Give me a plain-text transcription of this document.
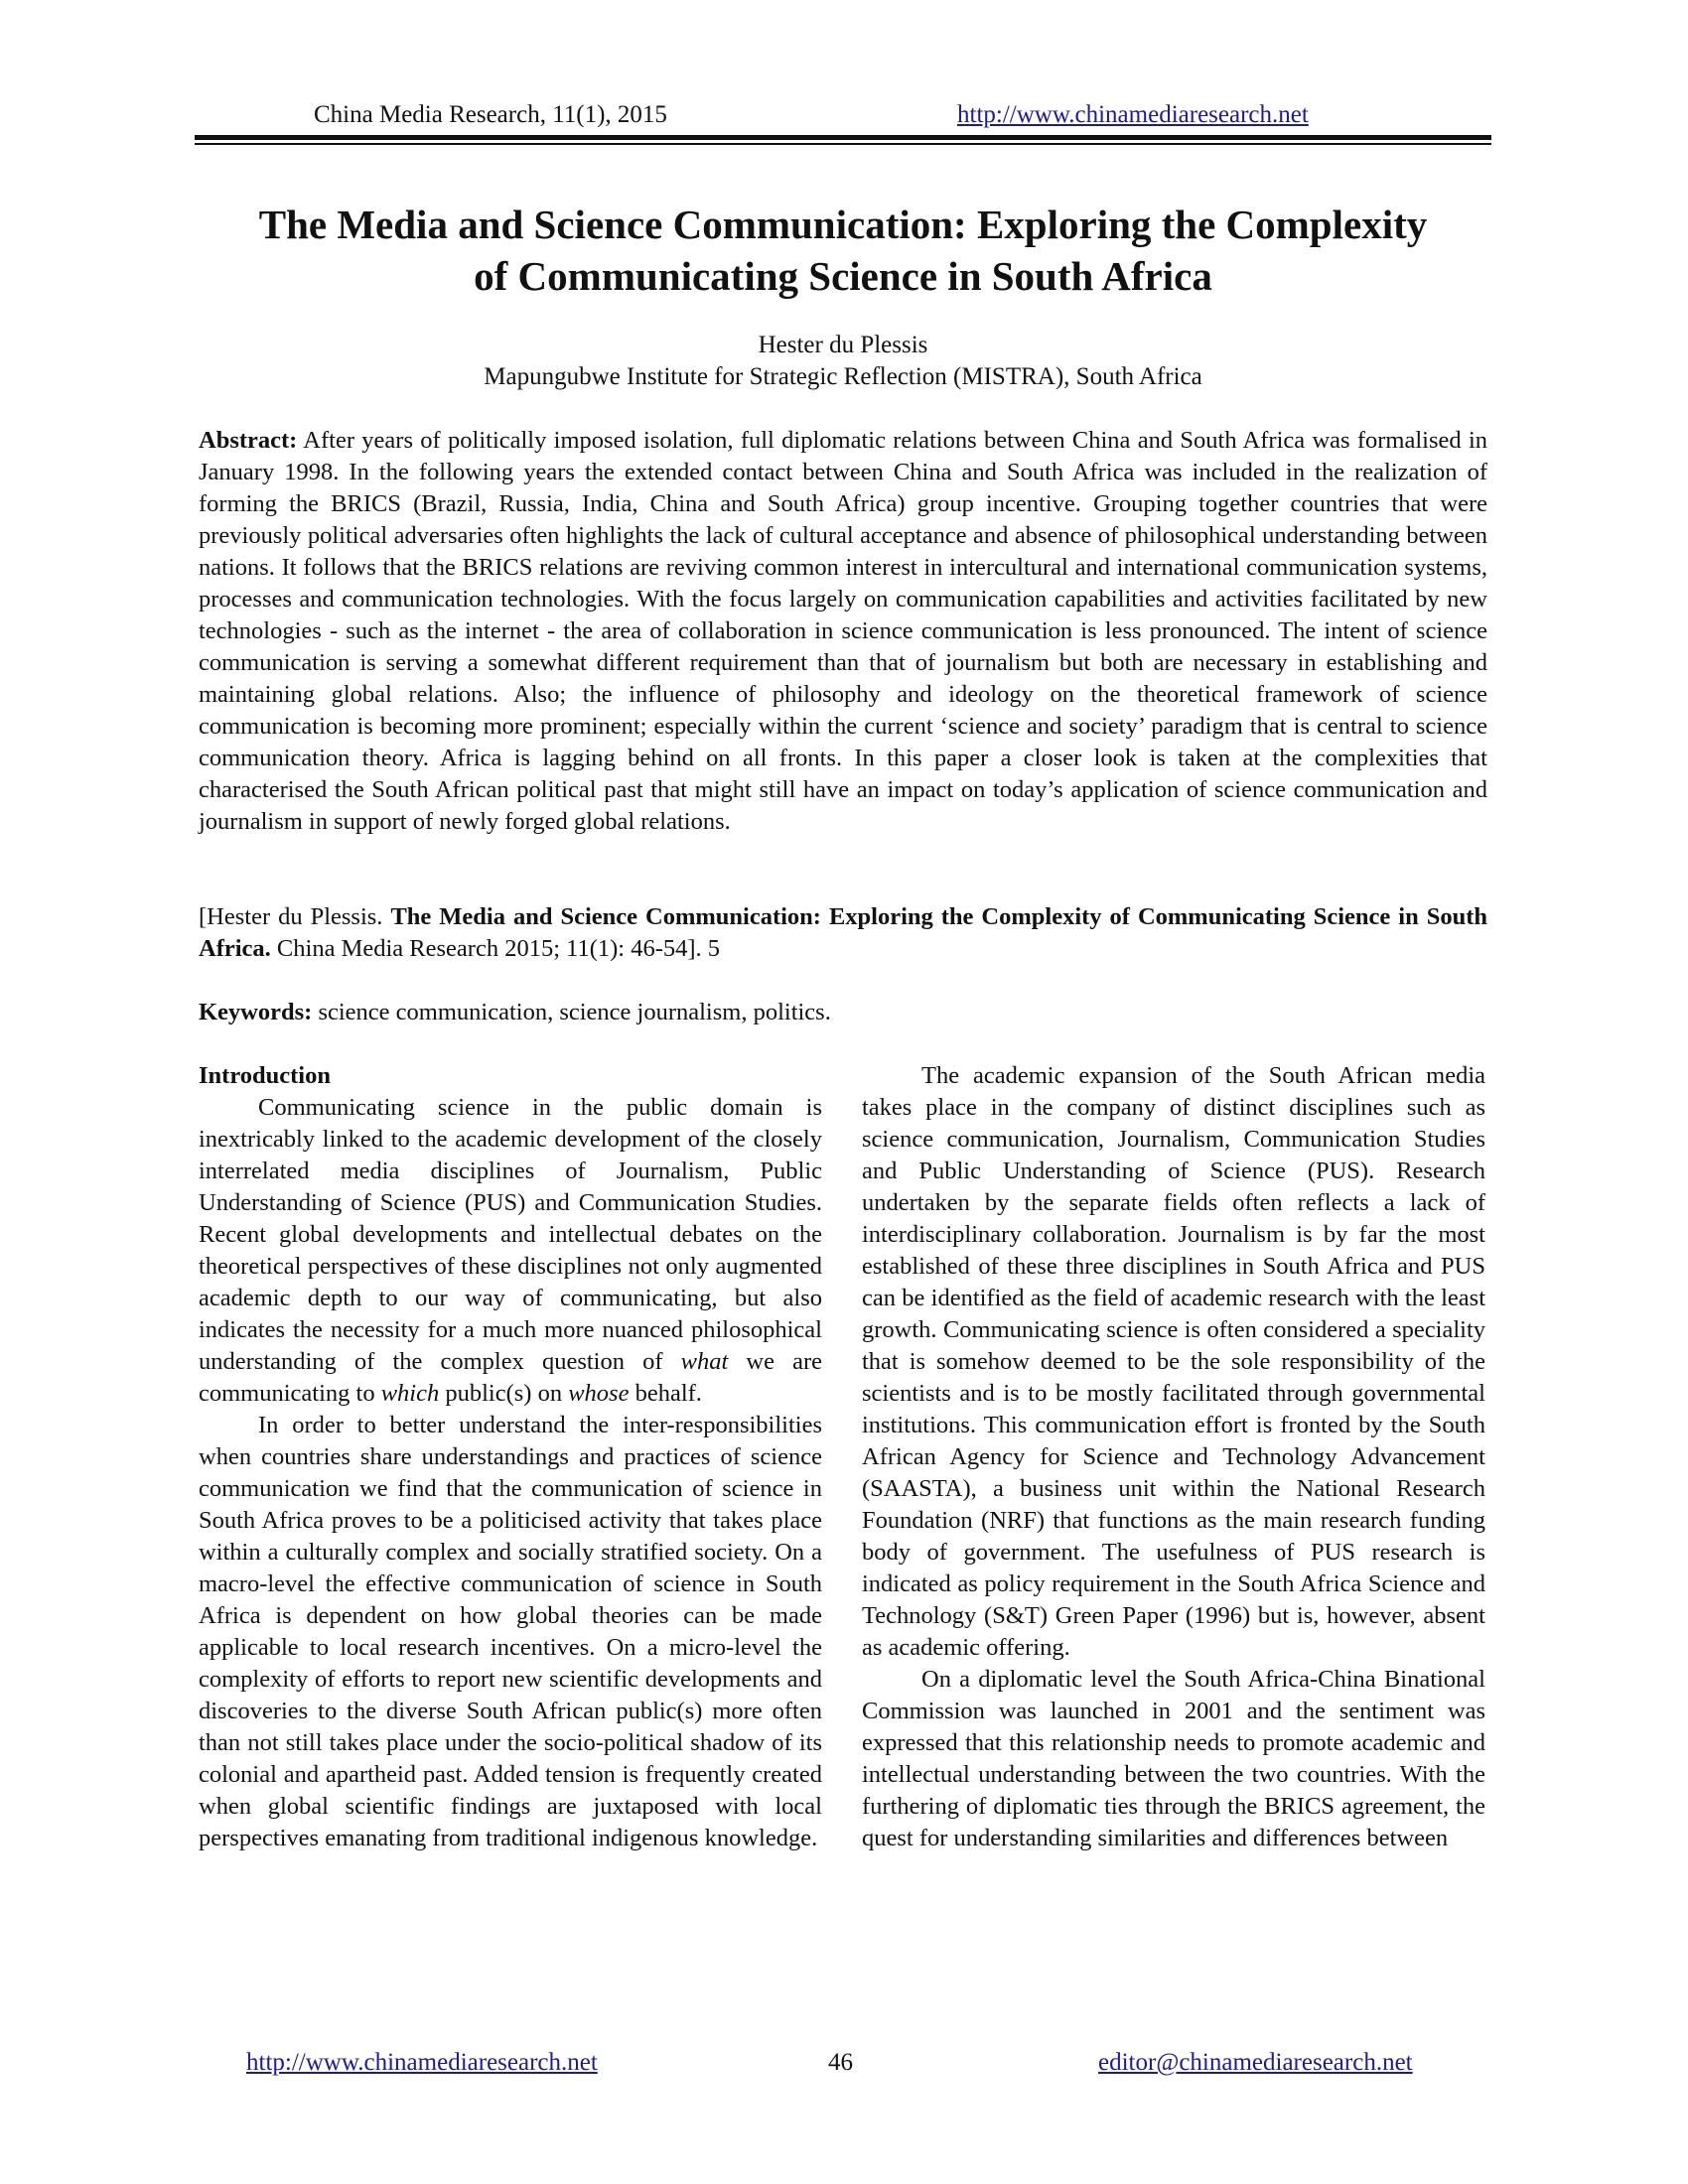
China Media Research, 11(1), 2015	http://www.chinamediaresearch.net
The Media and Science Communication: Exploring the Complexity
of Communicating Science in South Africa
Hester du Plessis
Mapungubwe Institute for Strategic Reflection (MISTRA), South Africa

Abstract: After years of politically imposed isolation, full diplomatic relations between China and South Africa was formalised in January 1998. In the following years the extended contact between China and South Africa was included in the realization of forming the BRICS (Brazil, Russia, India, China and South Africa) group incentive. Grouping together countries that were previously political adversaries often highlights the lack of cultural acceptance and absence of philosophical understanding between nations. It follows that the BRICS relations are reviving common interest in intercultural and international communication systems, processes and communication technologies. With the focus largely on communication capabilities and activities facilitated by new technologies - such as the internet - the area of collaboration in science communication is less pronounced. The intent of science communication is serving a somewhat different requirement than that of journalism but both are necessary in establishing and maintaining global relations. Also; the influence of philosophy and ideology on the theoretical framework of science communication is becoming more prominent; especially within the current ‘science and society’ paradigm that is central to science communication theory. Africa is lagging behind on all fronts. In this paper a closer look is taken at the complexities that characterised the South African political past that might still have an impact on today’s application of science communication and journalism in support of newly forged global relations.

[Hester du Plessis. The Media and Science Communication: Exploring the Complexity of Communicating Science in South Africa. China Media Research 2015; 11(1): 46-54]. 5

Keywords: science communication, science journalism, politics.

Introduction

Communicating science in the public domain is inextricably linked to the academic development of the closely interrelated media disciplines of Journalism, Public Understanding of Science (PUS) and Communication Studies. Recent global developments and intellectual debates on the theoretical perspectives of these disciplines not only augmented academic depth to our way of communicating, but also indicates the necessity for a much more nuanced philosophical understanding of the complex question of what we are communicating to which public(s) on whose behalf.

In order to better understand the inter-responsibilities when countries share understandings and practices of science communication we find that the communication of science in South Africa proves to be a politicised activity that takes place within a culturally complex and socially stratified society. On a macro-level the effective communication of science in South Africa is dependent on how global theories can be made applicable to local research incentives. On a micro-level the complexity of efforts to report new scientific developments and discoveries to the diverse South African public(s) more often than not still takes place under the socio-political shadow of its colonial and apartheid past. Added tension is frequently created when global scientific findings are juxtaposed with local perspectives emanating from traditional indigenous knowledge.

The academic expansion of the South African media takes place in the company of distinct disciplines such as science communication, Journalism, Communication Studies and Public Understanding of Science (PUS). Research undertaken by the separate fields often reflects a lack of interdisciplinary collaboration. Journalism is by far the most established of these three disciplines in South Africa and PUS can be identified as the field of academic research with the least growth. Communicating science is often considered a speciality that is somehow deemed to be the sole responsibility of the scientists and is to be mostly facilitated through governmental institutions. This communication effort is fronted by the South African Agency for Science and Technology Advancement (SAASTA), a business unit within the National Research Foundation (NRF) that functions as the main research funding body of government. The usefulness of PUS research is indicated as policy requirement in the South Africa Science and Technology (S&T) Green Paper (1996) but is, however, absent as academic offering.

On a diplomatic level the South Africa-China Binational Commission was launched in 2001 and the sentiment was expressed that this relationship needs to promote academic and intellectual understanding between the two countries. With the furthering of diplomatic ties through the BRICS agreement, the quest for understanding similarities and differences between

http://www.chinamediaresearch.net	46	editor@chinamediaresearch.net
